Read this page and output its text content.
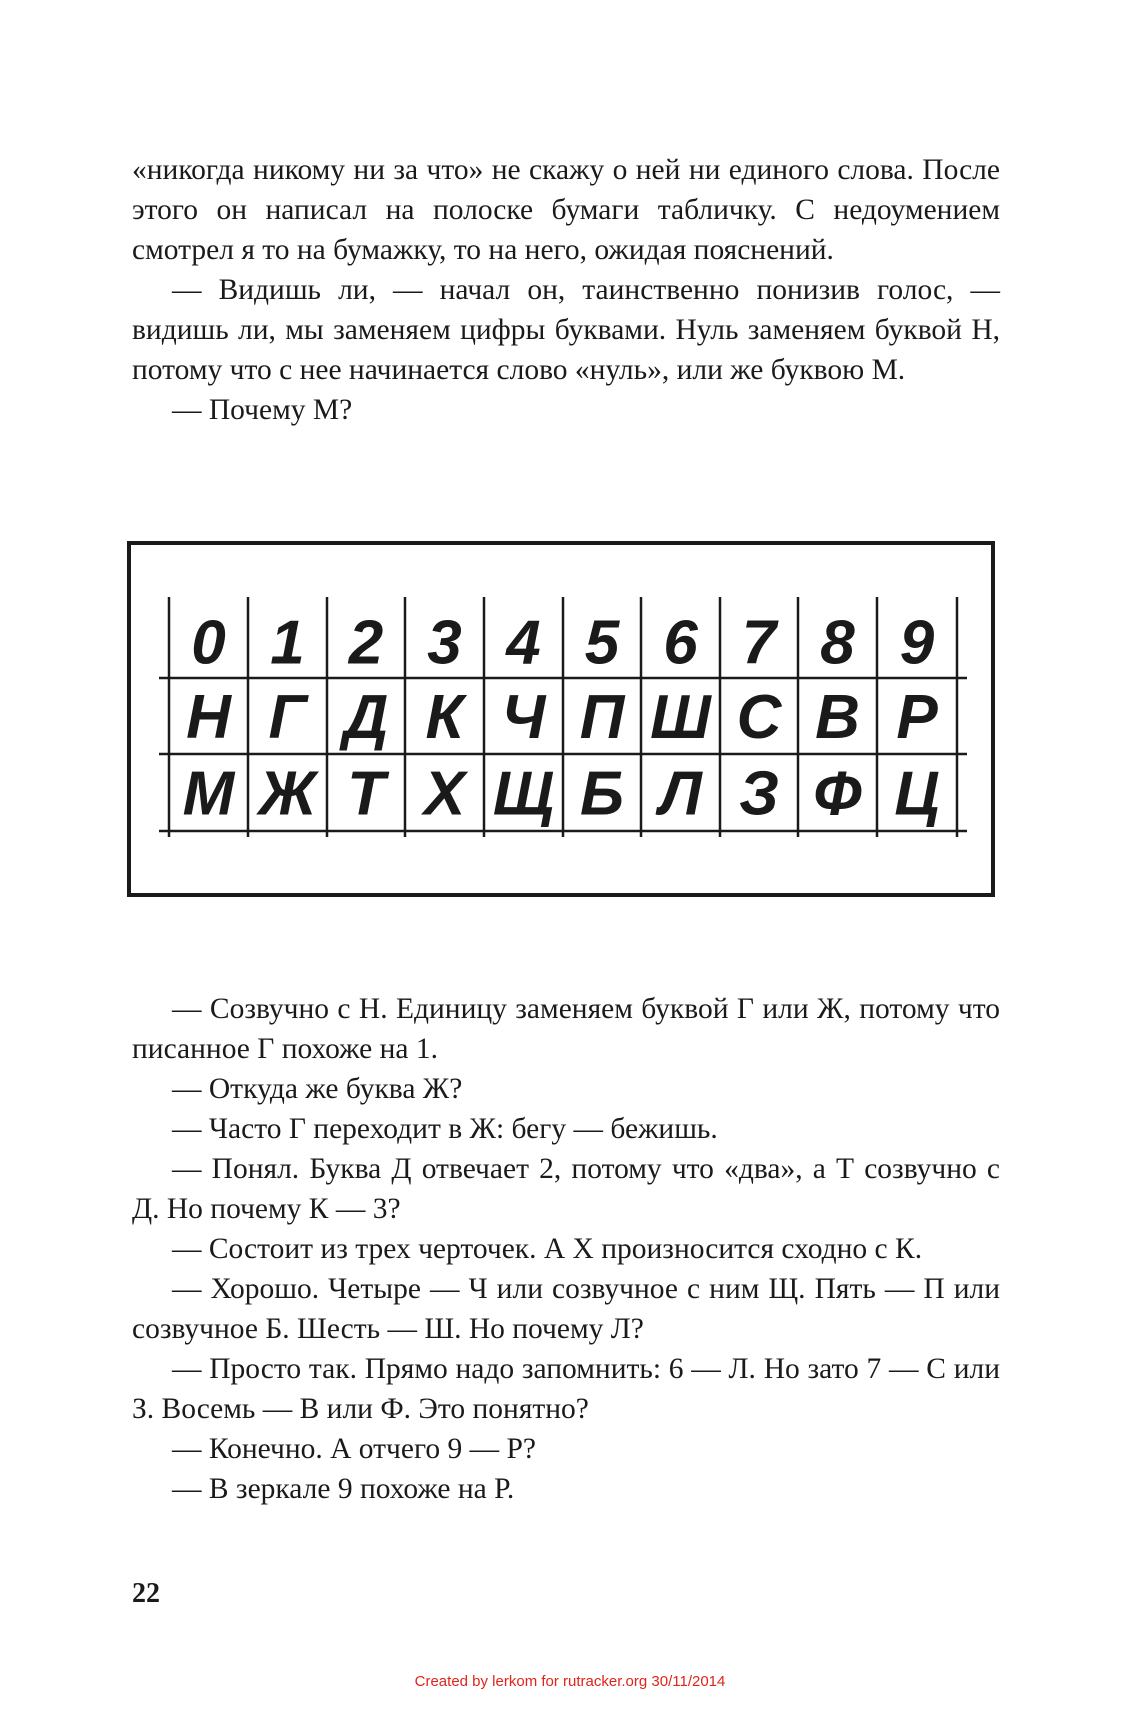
«никогда никому ни за что» не скажу о ней ни единого слова. После этого он написал на полоске бумаги табличку. С недоумением смотрел я то на бумажку, то на него, ожидая пояснений.

— Видишь ли, — начал он, таинственно понизив голос, — видишь ли, мы заменяем цифры буквами. Нуль заменяем буквой Н, потому что с нее начинается слово «нуль», или же буквою М.

— Почему М?

0 1 2 3 4 5 6 7 8 9
Н Г Д К Ч П Ш С В Р
М Ж Т Х Щ Б Л З Ф Ц

— Созвучно с Н. Единицу заменяем буквой Г или Ж, потому что писанное Г похоже на 1.

— Откуда же буква Ж?

— Часто Г переходит в Ж: бегу — бежишь.

— Понял. Буква Д отвечает 2, потому что «два», а Т созвучно с Д. Но почему К — 3?

— Состоит из трех черточек. А Х произносится сходно с К.

— Хорошо. Четыре — Ч или созвучное с ним Щ. Пять — П или созвучное Б. Шесть — Ш. Но почему Л?

— Просто так. Прямо надо запомнить: 6 — Л. Но зато 7 — С или З. Восемь — В или Ф. Это понятно?

— Конечно. А отчего 9 — Р?

— В зеркале 9 похоже на Р.

22
Created by lerkom for rutracker.org 30/11/2014
